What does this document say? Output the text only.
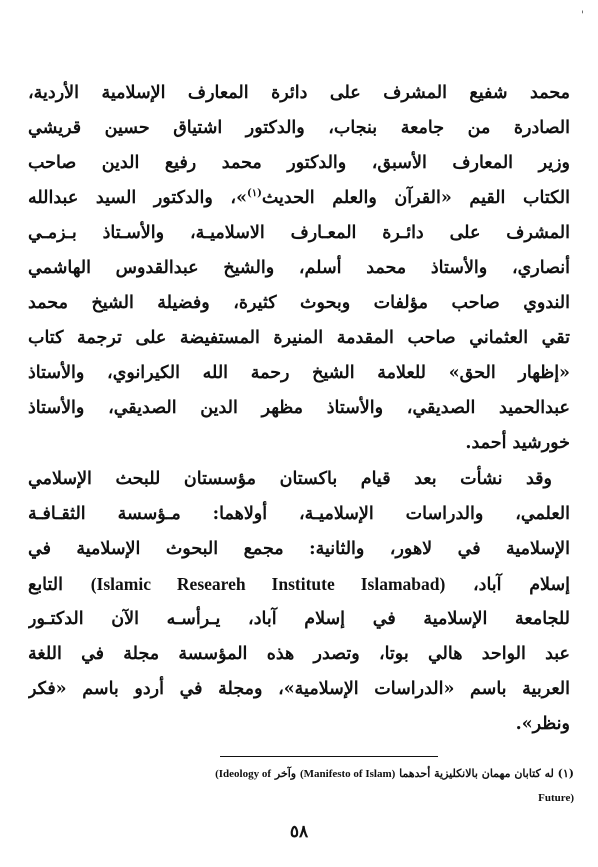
'
محمد شفيع المشرف على دائرة المعارف الإسلامية الأردية،
الصادرة من جامعة بنجاب، والدكتور اشتياق حسين قريشي
وزير المعارف الأسبق، والدكتور محمد رفيع الدين صاحب
الكتاب القيم «القرآن والعلم الحديث$^{(١)}$»، والدكتور السيد عبدالله
المشرف على دائـرة المعـارف الاسلاميـة، والأسـتاذ بـزمـي
أنصاري، والأستاذ محمد أسلم، والشيخ عبدالقدوس الهاشمي
الندوي صاحب مؤلفات وبحوث كثيرة، وفضيلة الشيخ محمد
تقي العثماني صاحب المقدمة المنيرة المستفيضة على ترجمة كتاب
«إظهار الحق» للعلامة الشيخ رحمة الله الكيرانوي، والأستاذ
عبدالحميد الصديقي، والأستاذ مظهر الدين الصديقي، والأستاذ
خورشيد أحمد.
وقد نشأت بعد قيام باكستان مؤسستان للبحث الإسلامي
العلمي، والدراسات الإسلاميـة، أولاهما: مـؤسسة الثقـافـة
الإسلامية في لاهور، والثانية: مجمع البحوث الإسلامية في
إسلام آباد، (Islamic Researeh Institute Islamabad) التابع
للجامعة الإسلامية في إسلام آباد، يـرأسـه الآن الدكتـور
عبد الواحد هالي بوتا، وتصدر هذه المؤسسة مجلة في اللغة
العربية باسم «الدراسات الإسلامية»، ومجلة في أردو باسم «فكر
ونظر».
(١) له كتابان مهمان بالانكليزية أحدهما (Manifesto of Islam) وآخر (Ideology of
Future)
٥٨
